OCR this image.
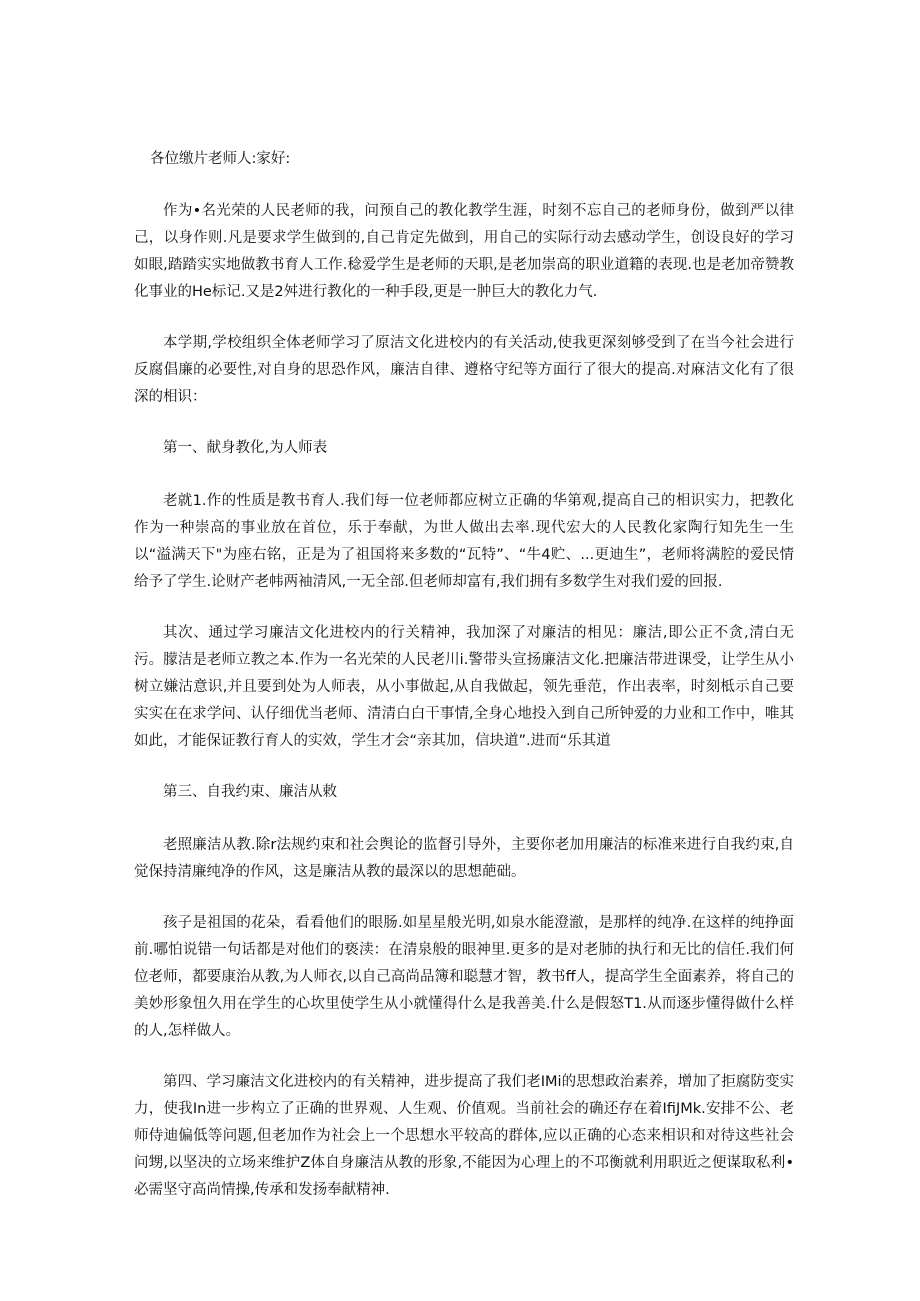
各位缴片老师人:家好:

作为•名光荣的人民老师的我，问预自己的教化教学生涯，时刻不忘自己的老师身份，做到严以律己，以身作则.凡是要求学生做到的,自己肯定先做到，用自己的实际行动去感动学生，创设良好的学习如眼,踏踏实实地做教书育人工作.稔爱学生是老师的天职,是老加崇高的职业道籍的表现.也是老加帝赞教化事业的He标记.又是2舛进行教化的一种手段,更是一肿巨大的教化力气.

本学期,学校组织全体老师学习了原洁文化进校内的有关活动,使我更深刻够受到了在当今社会进行反腐倡廉的必要性,对自身的思恐作风，廉洁自律、遵格守纪等方面行了很大的提高.对麻洁文化有了很深的相识：

第一、献身教化,为人师表

老就1.作的性质是教书育人.我们每一位老师都应树立正确的华第观,提高自己的相识实力，把教化作为一种崇高的事业放在首位，乐于奉献，为世人做出去率.现代宏大的人民教化家陶行知先生一生以“溢满天下"为座右铭，正是为了祖国将来多数的“瓦特”、“牛4贮、...更迪生”，老师将满腔的爱民情给予了学生.论财产老帏两袖清风,一无全部.但老师却富有,我们拥有多数学生对我们爱的回报.

其次、通过学习廉洁文化进校内的行关精神，我加深了对廉洁的相见：廉洁,即公正不贪,清白无污。朦洁是老师立教之本.作为一名光荣的人民老川i.警带头宣扬廉洁文化.把廉洁带进课受，让学生从小树立嫌沽意识,并且要到处为人师表，从小事做起,从自我做起，领先垂范，作出表率，时刻柢示自己要实实在在求学问、认仔细优当老师、清清白白干事情,全身心地投入到自己所钟爱的力业和工作中，唯其如此，才能保证教行育人的实效，学生才会“亲其加，信块道”.进而“乐其道

第三、自我约束、廉洁从敕

老照廉洁从教.除r法规约束和社会舆论的监督引导外，主要你老加用廉洁的标准来进行自我约束,自觉保持清廉纯净的作风，这是廉洁从教的最深以的思想葩础。

孩子是祖国的花朵，看看他们的眼肠.如星星般光明,如泉水能澄澈，是那样的纯净.在这样的纯挣面前.哪怕说错一句话都是对他们的亵渎：在清泉般的眼神里.更多的是对老肺的执行和无比的信任.我们何位老师，都要康治从教,为人师衣,以自己高尚品簿和聪慧才智，教书ff人，提高学生全面素养，将自己的美妙形象忸久用在学生的心坎里使学生从小就懂得什么是我善美.什么是假怒T1.从而逐步懂得做什么样的人,怎样做人。

第四、学习廉洁文化进校内的有关精神，进步提高了我们老IMi的思想政治素养，增加了拒腐防变实力，使我In进一步构立了正确的世界观、人生观、价值观。当前社会的确还存在着IfiJMk.安排不公、老师侍迪偏低等问题,但老加作为社会上一个思想水平较高的群体,应以正确的心态来相识和对待这些社会问甥,以坚决的立场来维护Z体自身廉洁从教的形象,不能因为心理上的不邛衡就利用职近之便谋取私利•必需坚守高尚情操,传承和发扬奉献精神.
